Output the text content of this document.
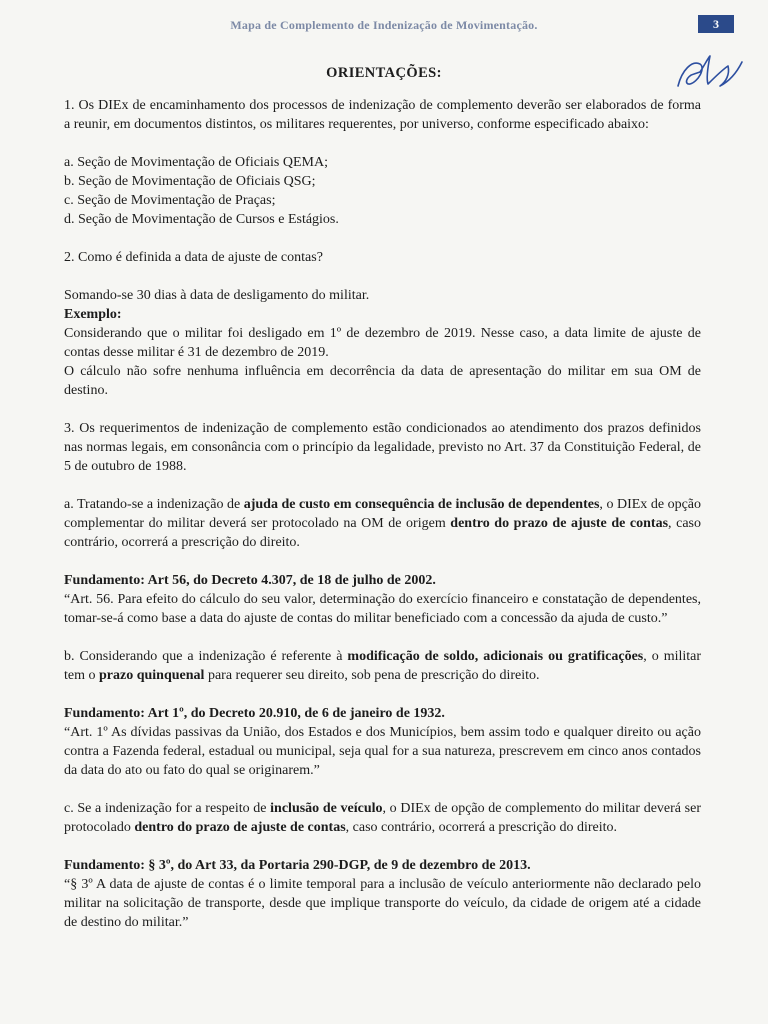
Mapa de Complemento de Indenização de Movimentação.	3
ORIENTAÇÕES:

1. Os DIEx de encaminhamento dos processos de indenização de complemento deverão ser elaborados de forma a reunir, em documentos distintos, os militares requerentes, por universo, conforme especificado abaixo:

a. Seção de Movimentação de Oficiais QEMA;

b. Seção de Movimentação de Oficiais QSG;

c. Seção de Movimentação de Praças;

d. Seção de Movimentação de Cursos e Estágios.

2. Como é definida a data de ajuste de contas?

Somando-se 30 dias à data de desligamento do militar.

Exemplo:

Considerando que o militar foi desligado em 1º de dezembro de 2019. Nesse caso, a data limite de ajuste de contas desse militar é 31 de dezembro de 2019.

O cálculo não sofre nenhuma influência em decorrência da data de apresentação do militar em sua OM de destino.

3. Os requerimentos de indenização de complemento estão condicionados ao atendimento dos prazos definidos nas normas legais, em consonância com o princípio da legalidade, previsto no Art. 37 da Constituição Federal, de 5 de outubro de 1988.

a. Tratando-se a indenização de ajuda de custo em consequência de inclusão de dependentes, o DIEx de opção complementar do militar deverá ser protocolado na OM de origem dentro do prazo de ajuste de contas, caso contrário, ocorrerá a prescrição do direito.

Fundamento: Art 56, do Decreto 4.307, de 18 de julho de 2002.

“Art. 56. Para efeito do cálculo do seu valor, determinação do exercício financeiro e constatação de dependentes, tomar-se-á como base a data do ajuste de contas do militar beneficiado com a concessão da ajuda de custo.”

b. Considerando que a indenização é referente à modificação de soldo, adicionais ou gratificações, o militar tem o prazo quinquenal para requerer seu direito, sob pena de prescrição do direito.

Fundamento: Art 1º, do Decreto 20.910, de 6 de janeiro de 1932.

“Art. 1º As dívidas passivas da União, dos Estados e dos Municípios, bem assim todo e qualquer direito ou ação contra a Fazenda federal, estadual ou municipal, seja qual for a sua natureza, prescrevem em cinco anos contados da data do ato ou fato do qual se originarem.”

c. Se a indenização for a respeito de inclusão de veículo, o DIEx de opção de complemento do militar deverá ser protocolado dentro do prazo de ajuste de contas, caso contrário, ocorrerá a prescrição do direito.

Fundamento: § 3º, do Art 33, da Portaria 290-DGP, de 9 de dezembro de 2013.

“§ 3º A data de ajuste de contas é o limite temporal para a inclusão de veículo anteriormente não declarado pelo militar na solicitação de transporte, desde que implique transporte do veículo, da cidade de origem até a cidade de destino do militar.”
